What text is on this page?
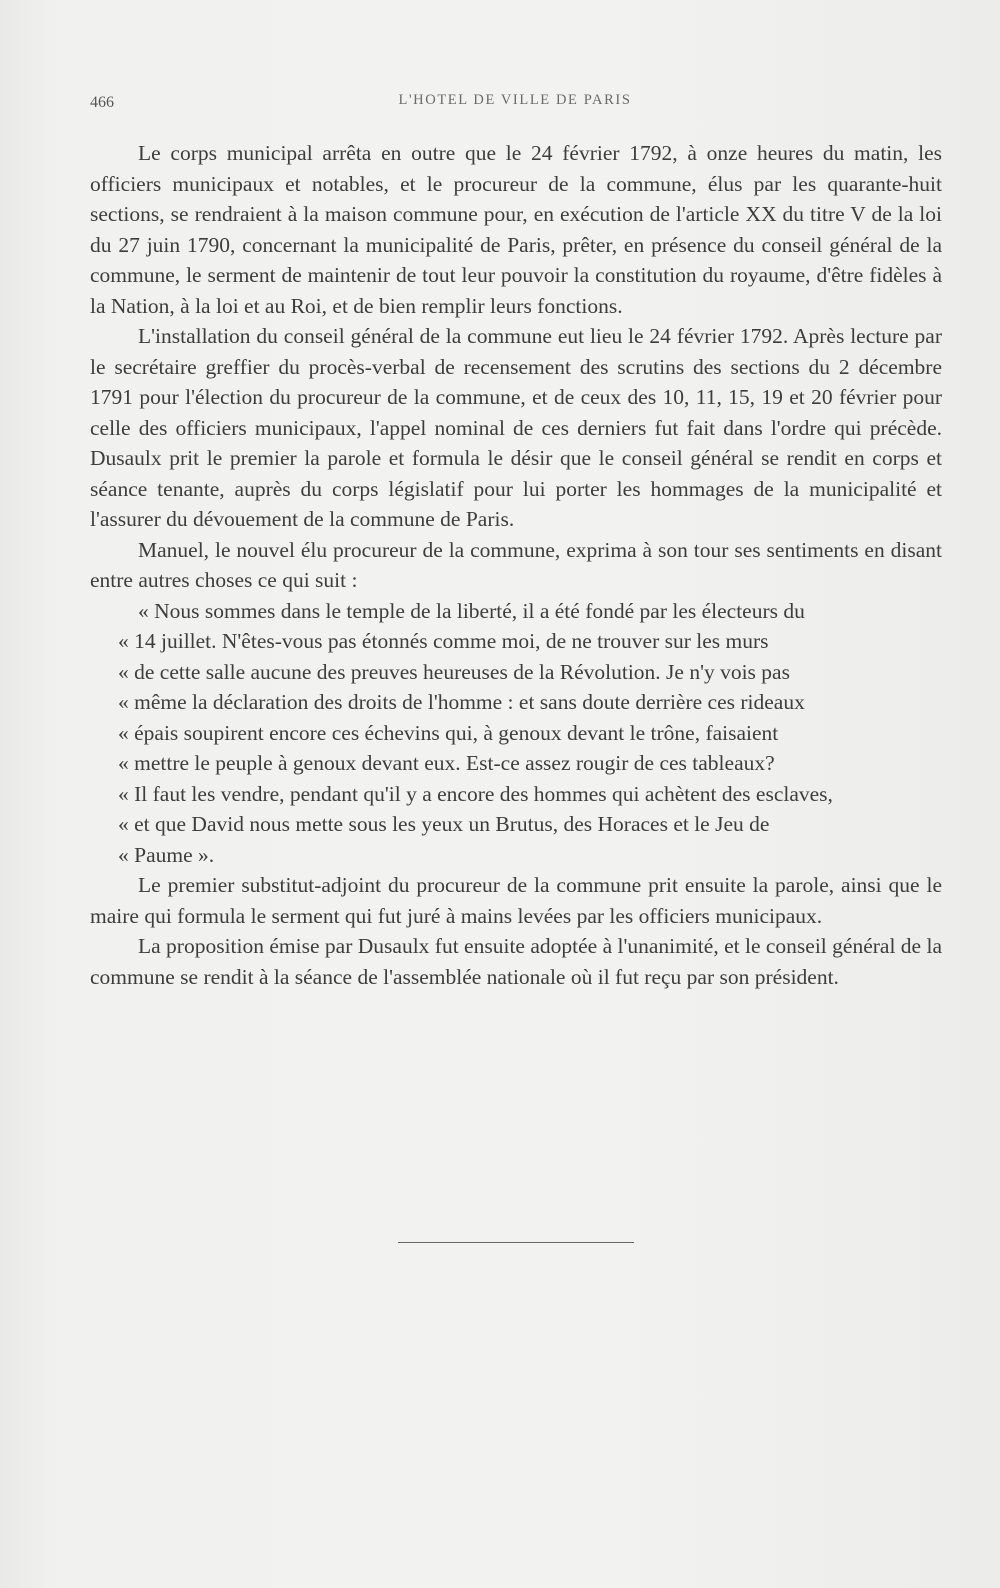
466	L'HOTEL DE VILLE DE PARIS

Le corps municipal arrêta en outre que le 24 février 1792, à onze heures du matin, les officiers municipaux et notables, et le procureur de la commune, élus par les quarante-huit sections, se rendraient à la maison commune pour, en exécution de l'article XX du titre V de la loi du 27 juin 1790, concernant la municipalité de Paris, prêter, en présence du conseil général de la commune, le serment de maintenir de tout leur pouvoir la constitution du royaume, d'être fidèles à la Nation, à la loi et au Roi, et de bien remplir leurs fonctions.

L'installation du conseil général de la commune eut lieu le 24 février 1792. Après lecture par le secrétaire greffier du procès-verbal de recensement des scrutins des sections du 2 décembre 1791 pour l'élection du procureur de la commune, et de ceux des 10, 11, 15, 19 et 20 février pour celle des officiers municipaux, l'appel nominal de ces derniers fut fait dans l'ordre qui précède. Dusaulx prit le premier la parole et formula le désir que le conseil général se rendit en corps et séance tenante, auprès du corps législatif pour lui porter les hommages de la municipalité et l'assurer du dévouement de la commune de Paris.

Manuel, le nouvel élu procureur de la commune, exprima à son tour ses sentiments en disant entre autres choses ce qui suit :

« Nous sommes dans le temple de la liberté, il a été fondé par les électeurs du

« 14 juillet. N'êtes-vous pas étonnés comme moi, de ne trouver sur les murs

« de cette salle aucune des preuves heureuses de la Révolution. Je n'y vois pas

« même la déclaration des droits de l'homme : et sans doute derrière ces rideaux

« épais soupirent encore ces échevins qui, à genoux devant le trône, faisaient

« mettre le peuple à genoux devant eux. Est-ce assez rougir de ces tableaux?

« Il faut les vendre, pendant qu'il y a encore des hommes qui achètent des esclaves,

« et que David nous mette sous les yeux un Brutus, des Horaces et le Jeu de

« Paume ».

Le premier substitut-adjoint du procureur de la commune prit ensuite la parole, ainsi que le maire qui formula le serment qui fut juré à mains levées par les officiers municipaux.

La proposition émise par Dusaulx fut ensuite adoptée à l'unanimité, et le conseil général de la commune se rendit à la séance de l'assemblée nationale où il fut reçu par son président.
